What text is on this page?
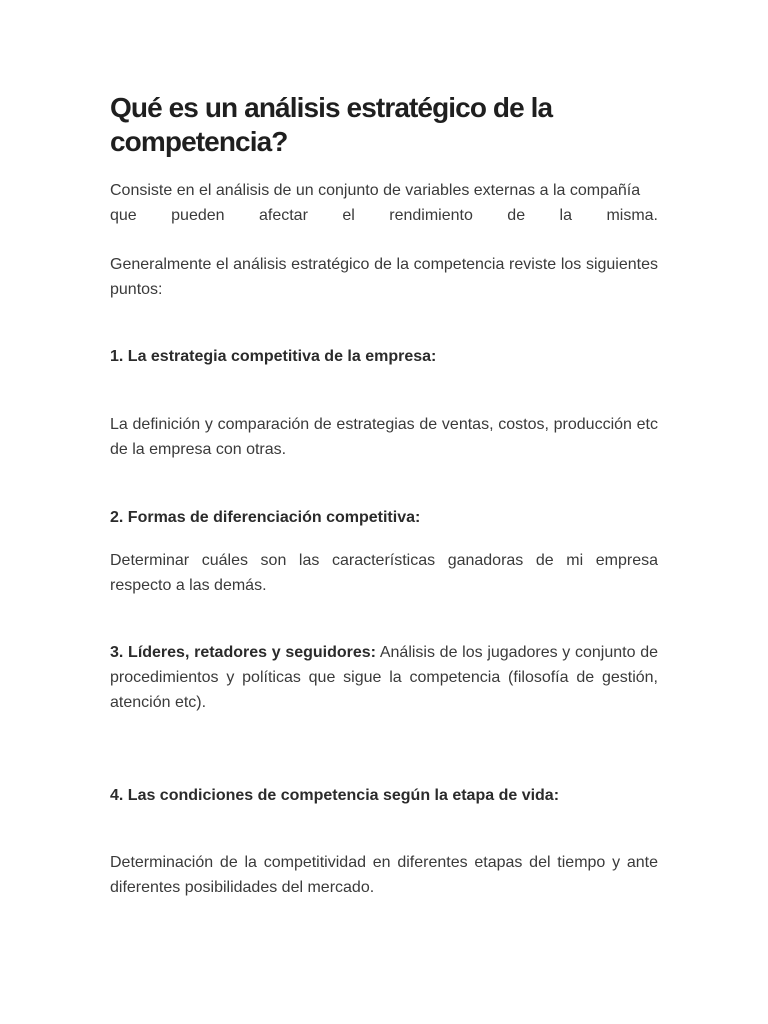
Qué es un análisis estratégico de la competencia?

Consiste en el análisis de un conjunto de variables externas a la compañía
que pueden afectar el rendimiento de la misma.

Generalmente el análisis estratégico de la competencia reviste los siguientes puntos:

1. La estrategia competitiva de la empresa:

La definición y comparación de estrategias de ventas, costos, producción etc de la empresa con otras.

2. Formas de diferenciación competitiva:

Determinar cuáles son las características ganadoras de mi empresa respecto a las demás.

3. Líderes, retadores y seguidores: Análisis de los jugadores y conjunto de procedimientos y políticas que sigue la competencia (filosofía de gestión, atención etc).

4. Las condiciones de competencia según la etapa de vida:

Determinación de la competitividad en diferentes etapas del tiempo y ante diferentes posibilidades del mercado.
